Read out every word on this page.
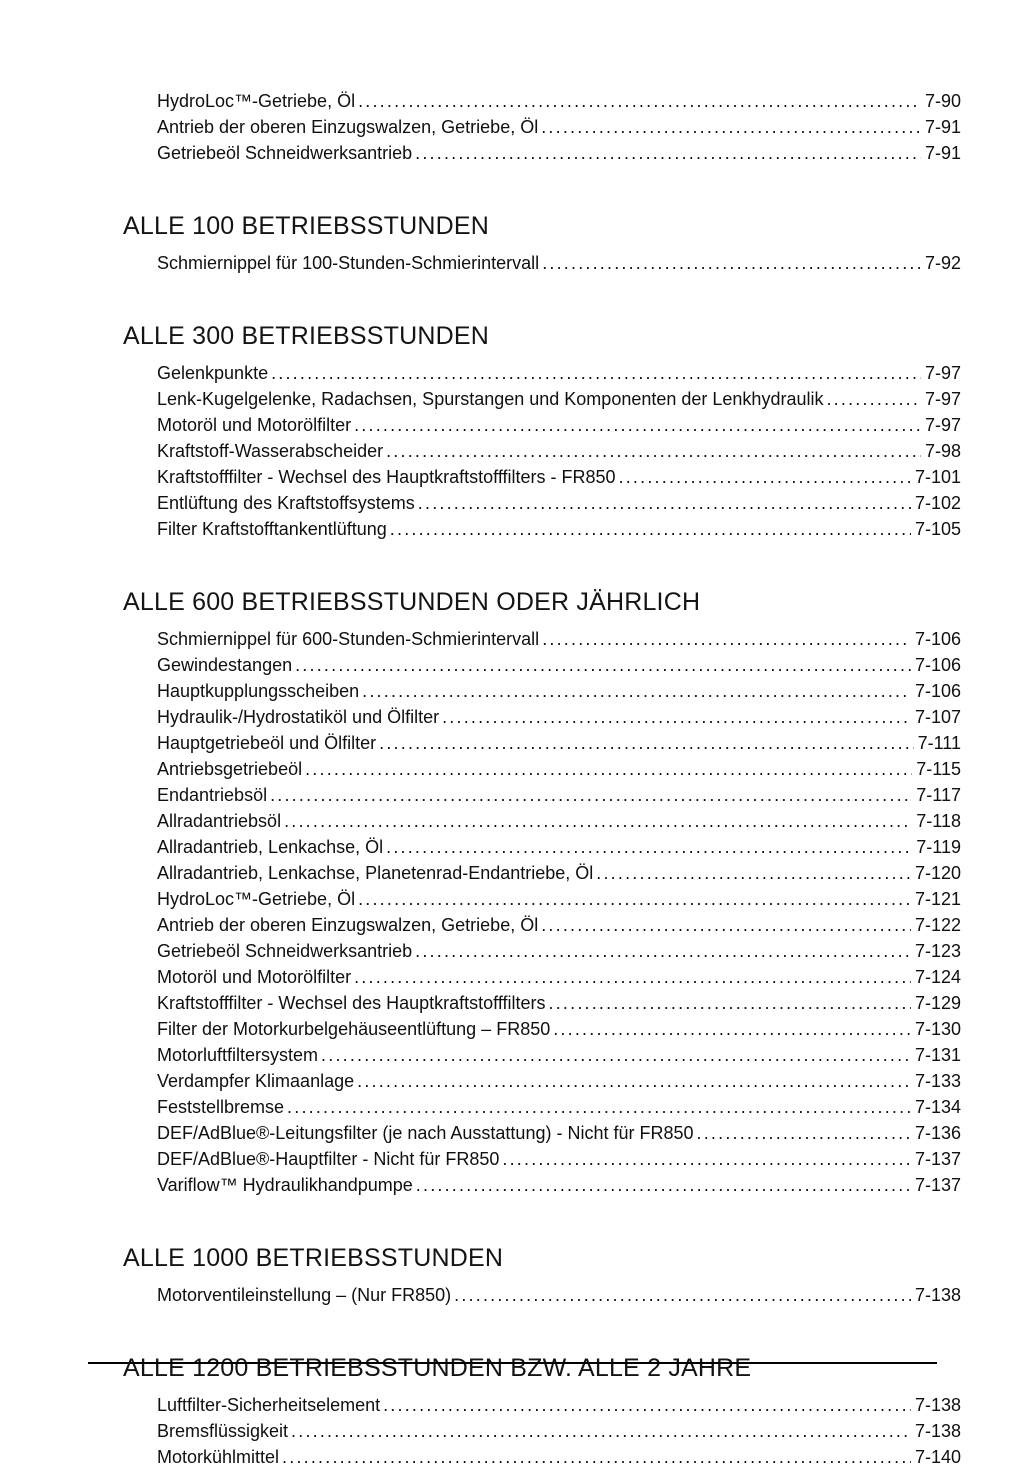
HydroLoc™-Getriebe, Öl .....	7-90
Antrieb der oberen Einzugswalzen, Getriebe, Öl .....	7-91
Getriebeöl Schneidwerksantrieb .....	7-91
ALLE 100 BETRIEBSSTUNDEN
Schmiernippel für 100-Stunden-Schmierintervall .....	7-92
ALLE 300 BETRIEBSSTUNDEN
Gelenkpunkte .....	7-97
Lenk-Kugelgelenke, Radachsen, Spurstangen und Komponenten der Lenkhydraulik .....	7-97
Motoröl und Motorölfilter .....	7-97
Kraftstoff-Wasserabscheider .....	7-98
Kraftstofffilter - Wechsel des Hauptkraftstofffilters - FR850 .....	7-101
Entlüftung des Kraftstoffsystems .....	7-102
Filter Kraftstofftankentlüftung .....	7-105
ALLE 600 BETRIEBSSTUNDEN ODER JÄHRLICH
Schmiernippel für 600-Stunden-Schmierintervall .....	7-106
Gewindestangen .....	7-106
Hauptkupplungsscheiben .....	7-106
Hydraulik-/Hydrostatiköl und Ölfilter .....	7-107
Hauptgetriebeöl und Ölfilter .....	7-111
Antriebsgetriebeöl .....	7-115
Endantriebsöl .....	7-117
Allradantriebsöl .....	7-118
Allradantrieb, Lenkachse, Öl .....	7-119
Allradantrieb, Lenkachse, Planetenrad-Endantriebe, Öl .....	7-120
HydroLoc™-Getriebe, Öl .....	7-121
Antrieb der oberen Einzugswalzen, Getriebe, Öl .....	7-122
Getriebeöl Schneidwerksantrieb .....	7-123
Motoröl und Motorölfilter .....	7-124
Kraftstofffilter - Wechsel des Hauptkraftstofffilters .....	7-129
Filter der Motorkurbelgehäuseentlüftung – FR850 .....	7-130
Motorluftfiltersystem .....	7-131
Verdampfer Klimaanlage .....	7-133
Feststellbremse .....	7-134
DEF/AdBlue®-Leitungsfilter (je nach Ausstattung) - Nicht für FR850 .....	7-136
DEF/AdBlue®-Hauptfilter - Nicht für FR850 .....	7-137
Variflow™ Hydraulikhandpumpe .....	7-137
ALLE 1000 BETRIEBSSTUNDEN
Motorventileinstellung – (Nur FR850) .....	7-138
ALLE 1200 BETRIEBSSTUNDEN BZW. ALLE 2 JAHRE
Luftfilter-Sicherheitselement .....	7-138
Bremsflüssigkeit .....	7-138
Motorkühlmittel .....	7-140
